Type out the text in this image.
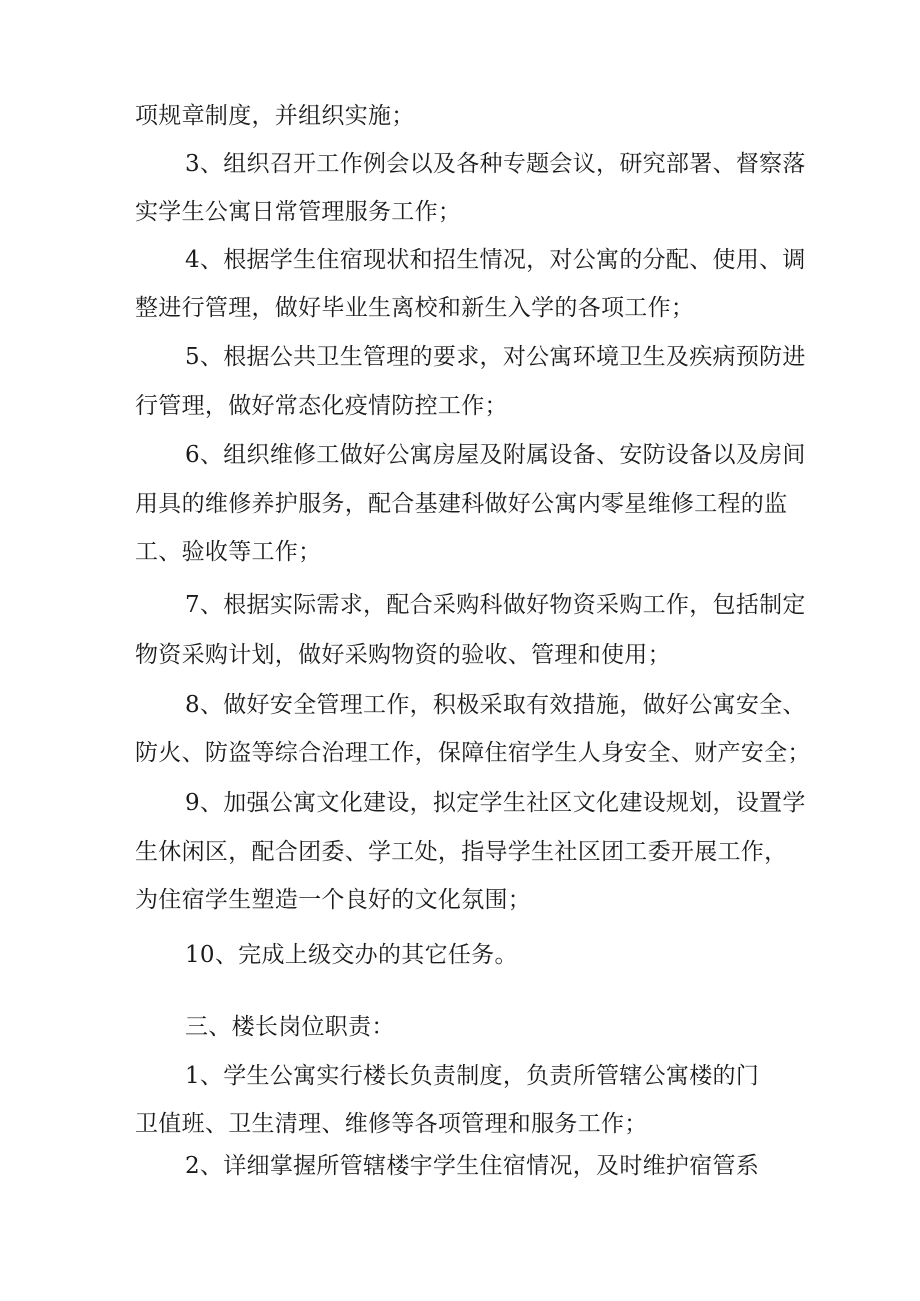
项规章制度，并组织实施；
3、组织召开工作例会以及各种专题会议，研究部署、督察落
实学生公寓日常管理服务工作；
4、根据学生住宿现状和招生情况，对公寓的分配、使用、调
整进行管理，做好毕业生离校和新生入学的各项工作；
5、根据公共卫生管理的要求，对公寓环境卫生及疾病预防进
行管理，做好常态化疫情防控工作；
6、组织维修工做好公寓房屋及附属设备、安防设备以及房间
用具的维修养护服务，配合基建科做好公寓内零星维修工程的监
工、验收等工作；
7、根据实际需求，配合采购科做好物资采购工作，包括制定
物资采购计划，做好采购物资的验收、管理和使用；
8、做好安全管理工作，积极采取有效措施，做好公寓安全、
防火、防盗等综合治理工作，保障住宿学生人身安全、财产安全；
9、加强公寓文化建设，拟定学生社区文化建设规划，设置学
生休闲区，配合团委、学工处，指导学生社区团工委开展工作，
为住宿学生塑造一个良好的文化氛围；
10、完成上级交办的其它任务。
三、楼长岗位职责：
1、学生公寓实行楼长负责制度，负责所管辖公寓楼的门
卫值班、卫生清理、维修等各项管理和服务工作；
2、详细掌握所管辖楼宇学生住宿情况，及时维护宿管系
